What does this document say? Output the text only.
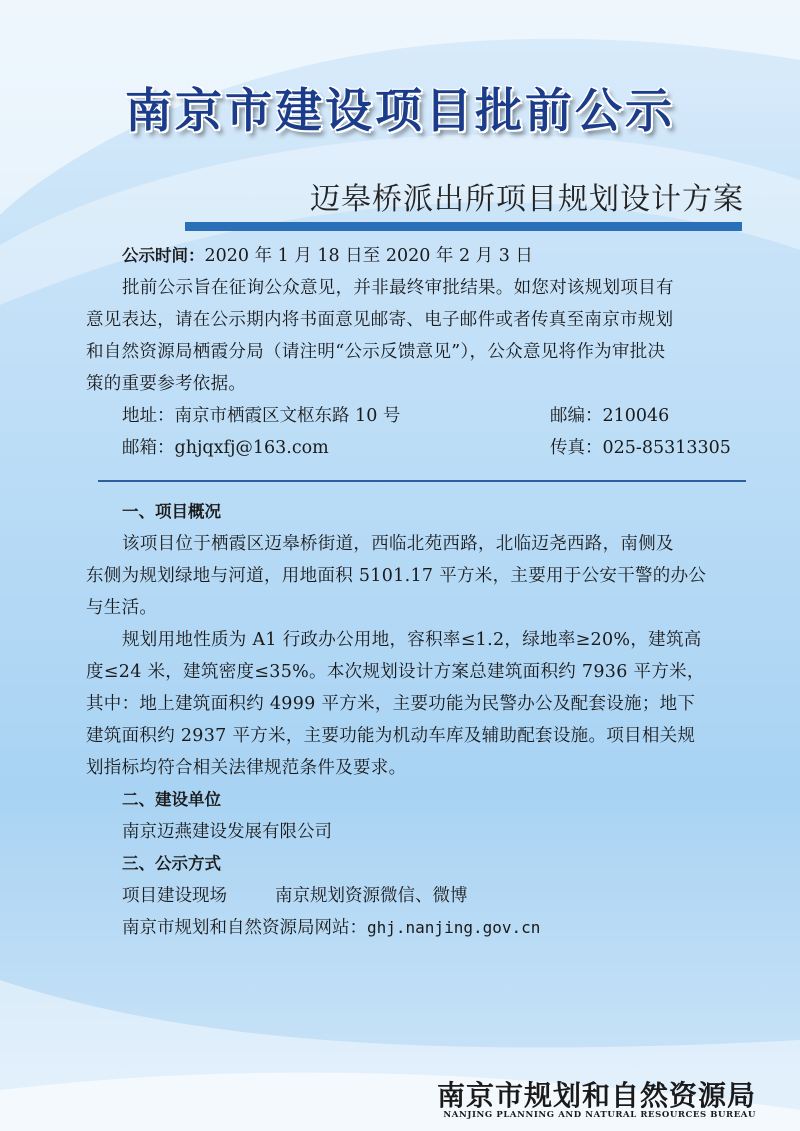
南京市建设项目批前公示
迈皋桥派出所项目规划设计方案
公示时间：2020 年 1 月 18 日至 2020 年 2 月 3 日
批前公示旨在征询公众意见，并非最终审批结果。如您对该规划项目有
意见表达，请在公示期内将书面意见邮寄、电子邮件或者传真至南京市规划
和自然资源局栖霞分局（请注明“公示反馈意见”），公众意见将作为审批决
策的重要参考依据。
地址：南京市栖霞区文枢东路 10 号	邮编：210046
邮箱：ghjqxfj@163.com	传真：025-85313305
一、项目概况
该项目位于栖霞区迈皋桥街道，西临北苑西路，北临迈尧西路，南侧及
东侧为规划绿地与河道，用地面积 5101.17 平方米，主要用于公安干警的办公
与生活。
规划用地性质为 A1 行政办公用地，容积率≤1.2，绿地率≥20%，建筑高
度≤24 米，建筑密度≤35%。本次规划设计方案总建筑面积约 7936 平方米，
其中：地上建筑面积约 4999 平方米，主要功能为民警办公及配套设施；地下
建筑面积约 2937 平方米，主要功能为机动车库及辅助配套设施。项目相关规
划指标均符合相关法律规范条件及要求。
二、建设单位
南京迈燕建设发展有限公司
三、公示方式
项目建设现场	南京规划资源微信、微博
南京市规划和自然资源局网站：ghj.nanjing.gov.cn
南京市规划和自然资源局
NANJING PLANNING AND NATURAL RESOURCES BUREAU
